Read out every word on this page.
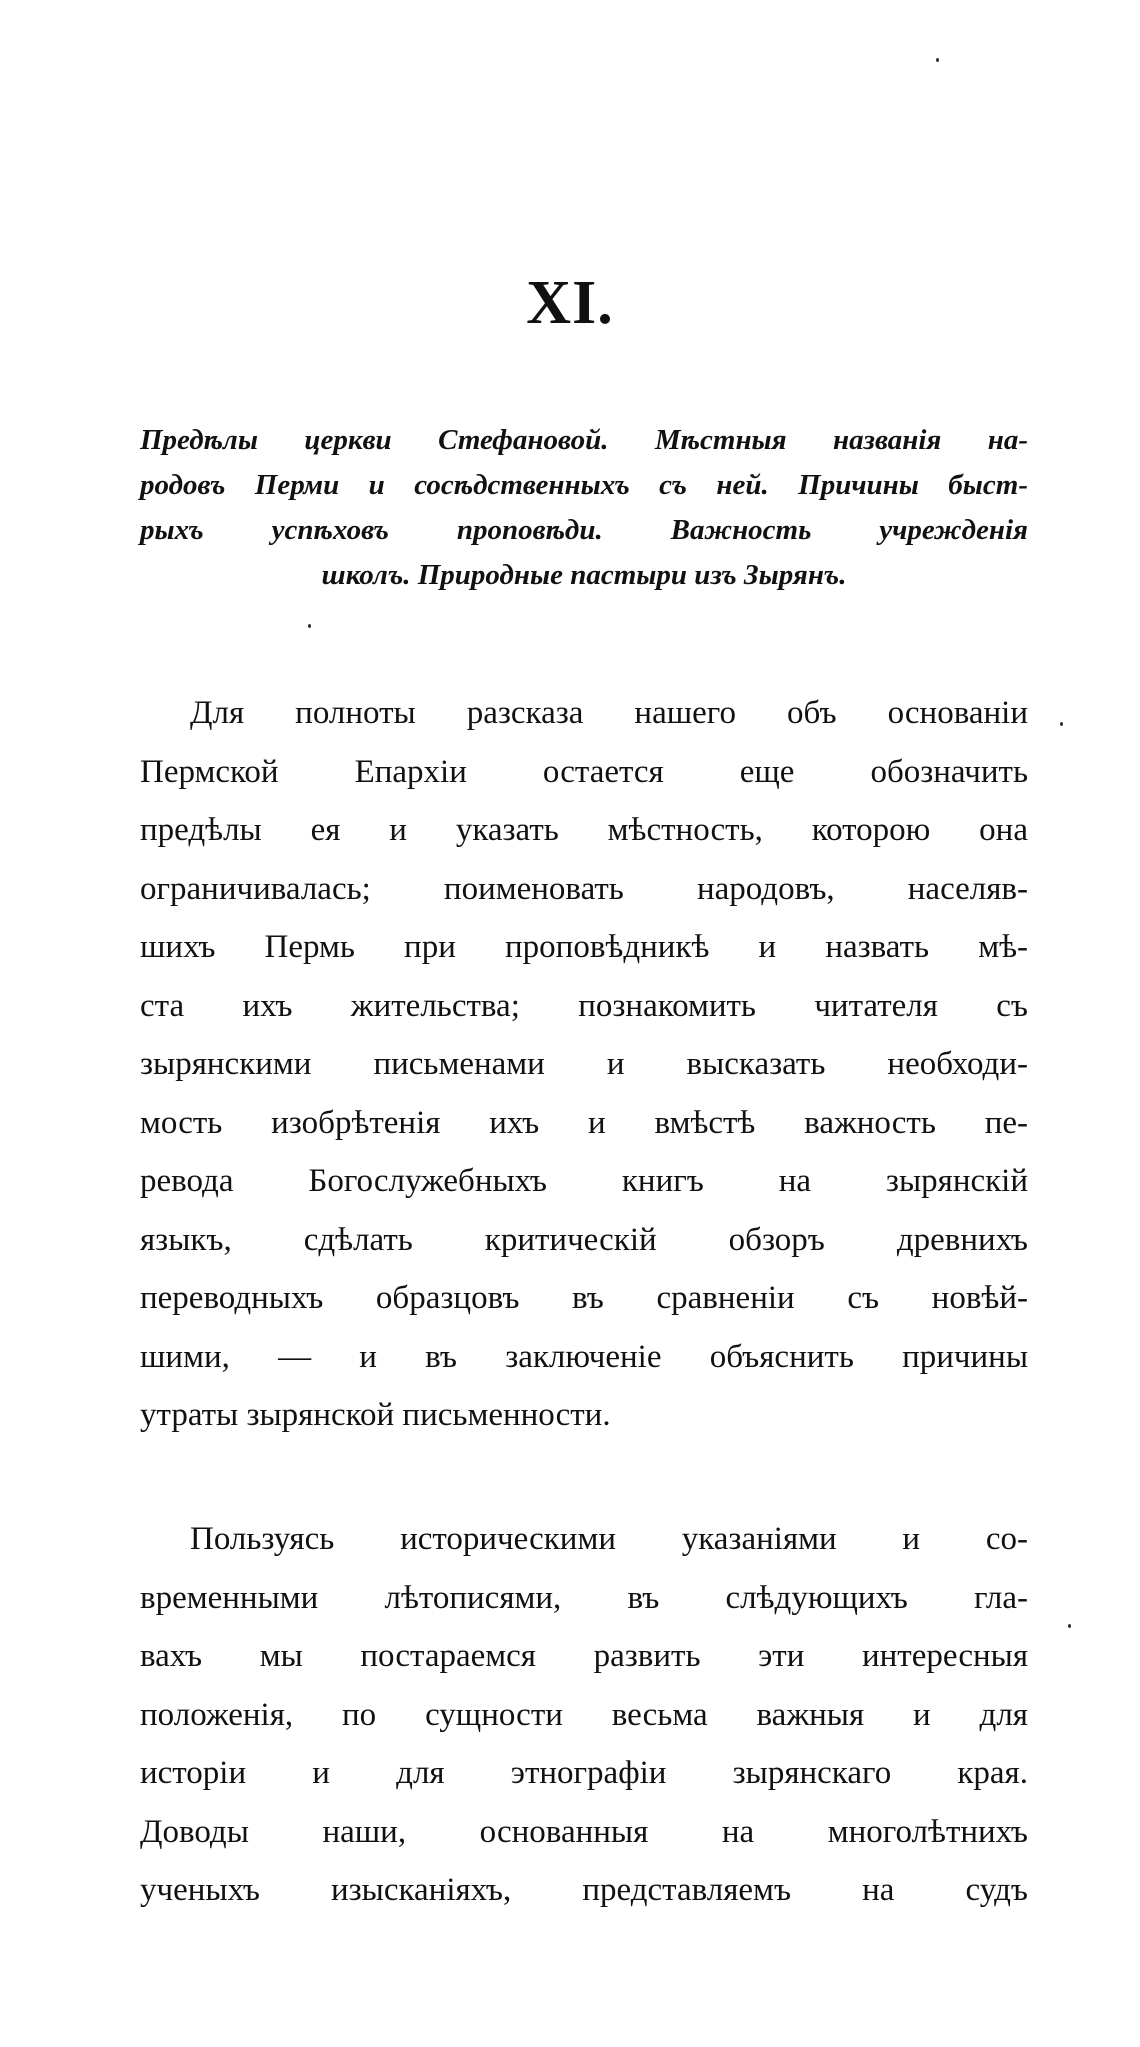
XI.
Предѣлы церкви Стефановой. Мѣстныя названія на-
родовъ Перми и сосѣдственныхъ съ ней. Причины быст-
рыхъ успѣховъ проповѣди. Важность учрежденія
школъ. Природные пастыри изъ Зырянъ.
Для полноты разсказа нашего объ основаніи
Пермской Епархіи остается еще обозначить
предѣлы ея и указать мѣстность, которою она
ограничивалась; поименовать народовъ, населяв-
шихъ Пермь при проповѣдникѣ и назвать мѣ-
ста ихъ жительства; познакомить читателя съ
зырянскими письменами и высказать необходи-
мость изобрѣтенія ихъ и вмѣстѣ важность пе-
ревода Богослужебныхъ книгъ на зырянскій
языкъ, сдѣлать критическій обзоръ древнихъ
переводныхъ образцовъ въ сравненіи съ новѣй-
шими, — и въ заключеніе объяснить причины
утраты зырянской письменности.
Пользуясь историческими указаніями и со-
временными лѣтописями, въ слѣдующихъ гла-
вахъ мы постараемся развить эти интересныя
положенія, по сущности весьма важныя и для
исторіи и для этнографіи зырянскаго края.
Доводы наши, основанныя на многолѣтнихъ
ученыхъ изысканіяхъ, представляемъ на судъ
